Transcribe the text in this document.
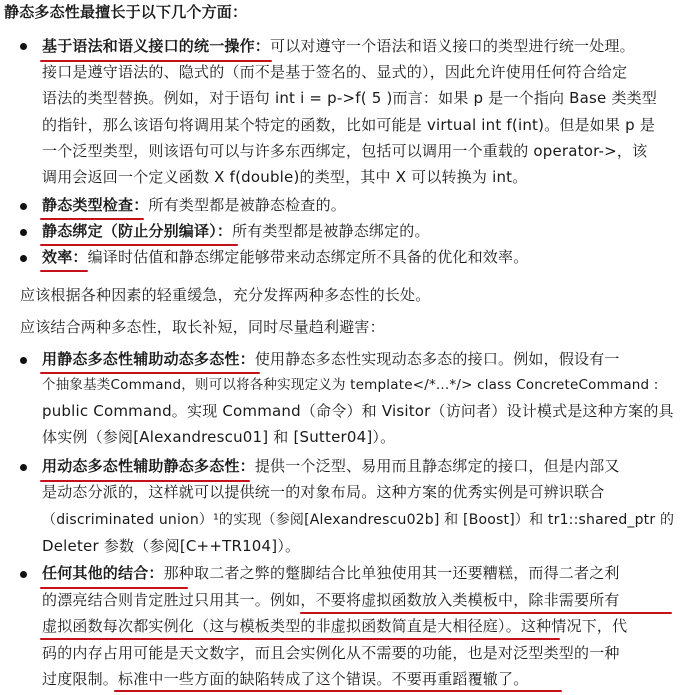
静态多态性最擅长于以下几个方面：
基于语法和语义接口的统一操作：可以对遵守一个语法和语义接口的类型进行统一处理。
接口是遵守语法的、隐式的（而不是基于签名的、显式的），因此允许使用任何符合给定
语法的类型替换。例如，对于语句 int i = p->f( 5 )而言：如果 p 是一个指向 Base 类类型
的指针，那么该语句将调用某个特定的函数，比如可能是 virtual int f(int)。但是如果 p 是
一个泛型类型，则该语句可以与许多东西绑定，包括可以调用一个重载的 operator->，该
调用会返回一个定义函数 X f(double)的类型，其中 X 可以转换为 int。
静态类型检查：所有类型都是被静态检查的。
静态绑定（防止分别编译）：所有类型都是被静态绑定的。
效率：编译时估值和静态绑定能够带来动态绑定所不具备的优化和效率。
应该根据各种因素的轻重缓急，充分发挥两种多态性的长处。
应该结合两种多态性，取长补短，同时尽量趋利避害：
用静态多态性辅助动态多态性：使用静态多态性实现动态多态的接口。例如，假设有一
个抽象基类Command，则可以将各种实现定义为 template</*...*/> class ConcreteCommand :
public Command。实现 Command（命令）和 Visitor（访问者）设计模式是这种方案的具
体实例（参阅[Alexandrescu01] 和 [Sutter04]）。
用动态多态性辅助静态多态性：提供一个泛型、易用而且静态绑定的接口，但是内部又
是动态分派的，这样就可以提供统一的对象布局。这种方案的优秀实例是可辨识联合
（discriminated union）¹的实现（参阅[Alexandrescu02b] 和 [Boost]）和 tr1::shared_ptr 的
Deleter 参数（参阅[C++TR104]）。
任何其他的结合：那种取二者之弊的蹩脚结合比单独使用其一还要糟糕，而得二者之利
的漂亮结合则肯定胜过只用其一。例如，不要将虚拟函数放入类模板中，除非需要所有
虚拟函数每次都实例化（这与模板类型的非虚拟函数简直是大相径庭）。这种情况下，代
码的内存占用可能是天文数字，而且会实例化从不需要的功能，也是对泛型类型的一种
过度限制。标准中一些方面的缺陷转成了这个错误。不要再重蹈覆辙了。
